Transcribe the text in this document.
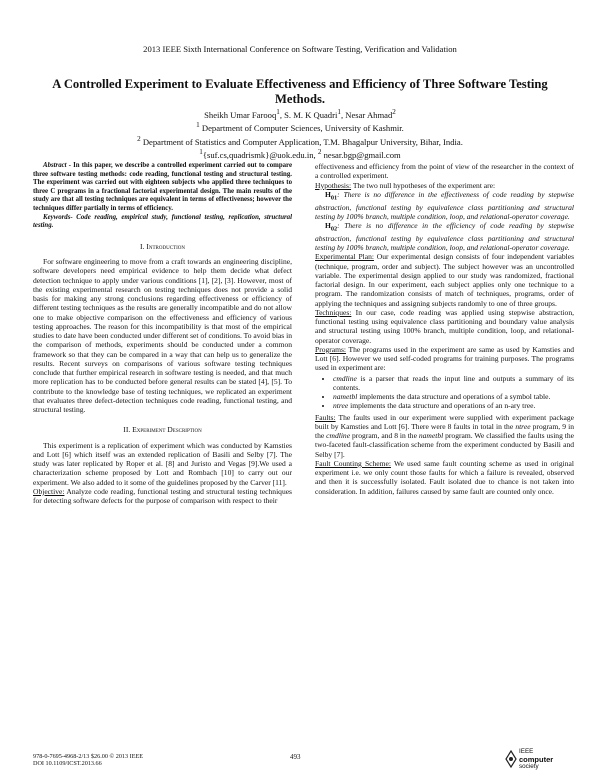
2013 IEEE Sixth International Conference on Software Testing, Verification and Validation
A Controlled Experiment to Evaluate Effectiveness and Efficiency of Three Software Testing Methods.
Sheikh Umar Farooq$^1$, S. M. K Quadri$^1$, Nesar Ahmad$^2$
$^1$ Department of Computer Sciences, University of Kashmir.
$^2$ Department of Statistics and Computer Application, T.M. Bhagalpur University, Bihar, India.
$^1${suf.cs,quadrismk}@uok.edu.in, $^2$ nesar.bgp@gmail.com

Abstract - In this paper, we describe a controlled experiment carried out to compare three software testing methods: code reading, functional testing and structural testing. The experiment was carried out with eighteen subjects who applied three techniques to three C programs in a fractional factorial experimental design. The main results of the study are that all testing techniques are equivalent in terms of effectiveness; however the techniques differ partially in terms of efficiency.

Keywords- Code reading, empirical study, functional testing, replication, structural testing.

I. Introduction

For software engineering to move from a craft towards an engineering discipline, software developers need empirical evidence to help them decide what defect detection technique to apply under various conditions [1], [2], [3]. However, most of the existing experimental research on testing techniques does not provide a solid basis for making any strong conclusions regarding effectiveness or efficiency of different testing techniques as the results are generally incompatible and do not allow one to make objective comparison on the effectiveness and efficiency of various testing approaches. The reason for this incompatibility is that most of the empirical studies to date have been conducted under different set of conditions. To avoid bias in the comparison of methods, experiments should be conducted under a common framework so that they can be compared in a way that can help us to generalize the results. Recent surveys on comparisons of various software testing techniques conclude that further empirical research in software testing is needed, and that much more replication has to be conducted before general results can be stated [4], [5]. To contribute to the knowledge base of testing techniques, we replicated an experiment that evaluates three defect-detection techniques code reading, functional testing, and structural testing.

II. Experiment Description

This experiment is a replication of experiment which was conducted by Kamsties and Lott [6] which itself was an extended replication of Basili and Selby [7]. The study was later replicated by Roper et al. [8] and Juristo and Vegas [9].We used a characterization scheme proposed by Lott and Rombach [10] to carry out our experiment. We also added to it some of the guidelines proposed by the Carver [11].

Objective: Analyze code reading, functional testing and structural testing techniques for detecting software defects for the purpose of comparison with respect to their

effectiveness and efficiency from the point of view of the researcher in the context of a controlled experiment.

Hypothesis: The two null hypotheses of the experiment are:

$H_{01}$: There is no difference in the effectiveness of code reading by stepwise abstraction, functional testing by equivalence class partitioning and structural testing by 100% branch, multiple condition, loop, and relational-operator coverage.

$H_{02}$: There is no difference in the efficiency of code reading by stepwise abstraction, functional testing by equivalence class partitioning and structural testing by 100% branch, multiple condition, loop, and relational-operator coverage.

Experimental Plan: Our experimental design consists of four independent variables (technique, program, order and subject). The subject however was an uncontrolled variable. The experimental design applied to our study was randomized, fractional factorial design. In our experiment, each subject applies only one technique to a program. The randomization consists of match of techniques, programs, order of applying the techniques and assigning subjects randomly to one of three groups.

Techniques: In our case, code reading was applied using stepwise abstraction, functional testing using equivalence class partitioning and boundary value analysis and structural testing using 100% branch, multiple condition, loop, and relational-operator coverage.

Programs: The programs used in the experiment are same as used by Kamsties and Lott [6]. However we used self-coded programs for training purposes. The programs used in experiment are:

• cmdline is a parser that reads the input line and outputs a summary of its contents.
• nametbl implements the data structure and operations of a symbol table.
• ntree implements the data structure and operations of an n-ary tree.

Faults: The faults used in our experiment were supplied with experiment package built by Kamsties and Lott [6]. There were 8 faults in total in the ntree program, 9 in the cmdline program, and 8 in the nametbl program. We classified the faults using the two-faceted fault-classification scheme from the experiment conducted by Basili and Selby [7].

Fault Counting Scheme: We used same fault counting scheme as used in original experiment i.e. we only count those faults for which a failure is revealed, observed and then it is successfully isolated. Fault isolated due to chance is not taken into consideration. In addition, failures caused by same fault are counted only once.

978-0-7695-4968-2/13 $26.00 © 2013 IEEE
DOI 10.1109/ICST.2013.66
493
IEEE
computer
society
